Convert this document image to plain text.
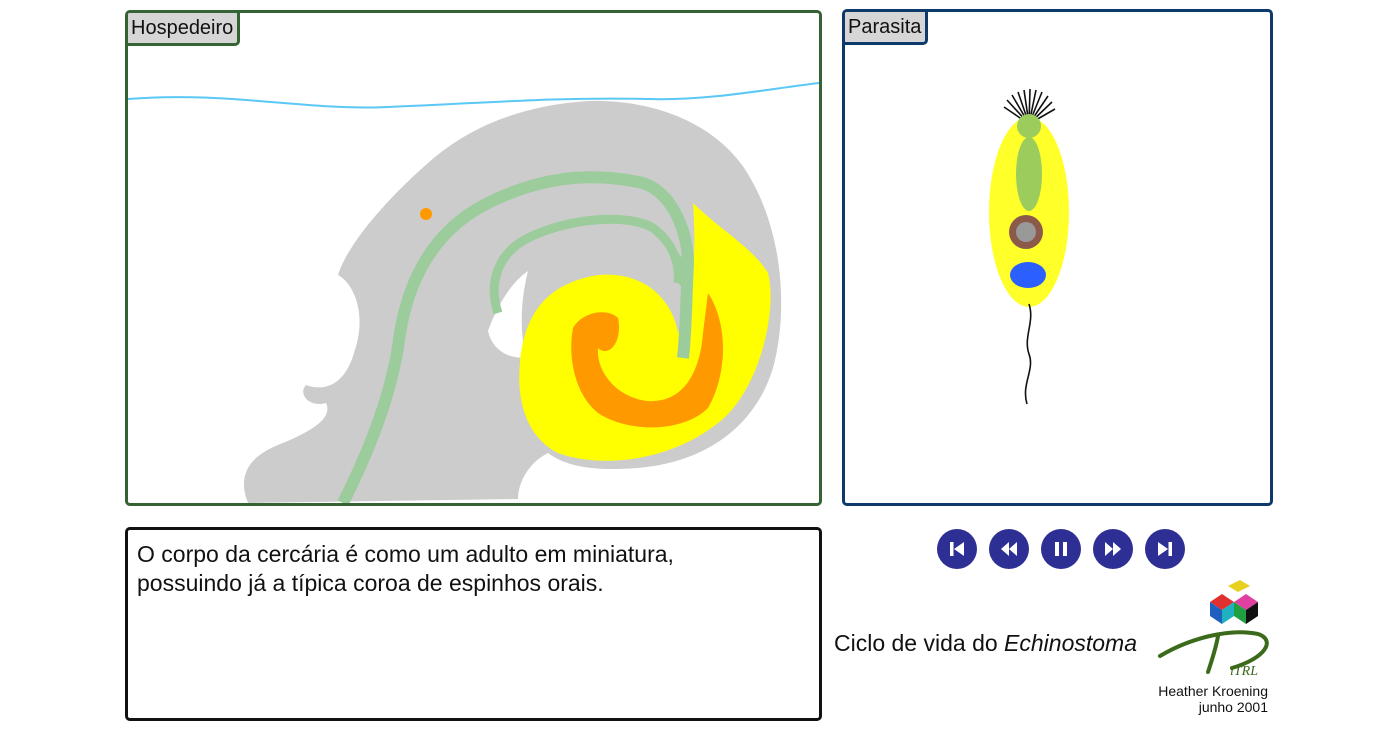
Hospedeiro	Parasita
O corpo da cercária é como um adulto em miniatura,
possuindo já a típica coroa de espinhos orais.
Ciclo de vida do Echinostoma
iTRL
Heather Kroening
junho 2001
